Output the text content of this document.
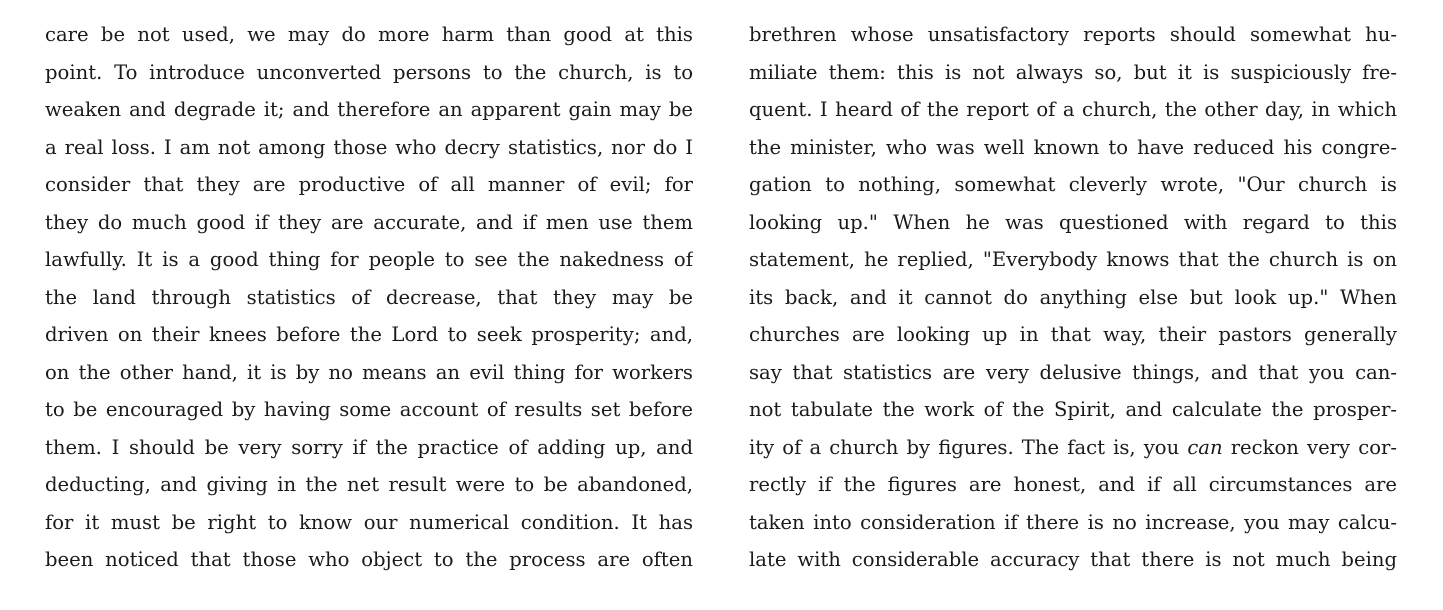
care be not used, we may do more harm than good at this
point. To introduce unconverted persons to the church, is to
weaken and degrade it; and therefore an apparent gain may be
a real loss. I am not among those who decry statistics, nor do I
consider that they are productive of all manner of evil; for
they do much good if they are accurate, and if men use them
lawfully. It is a good thing for people to see the nakedness of
the land through statistics of decrease, that they may be
driven on their knees before the Lord to seek prosperity; and,
on the other hand, it is by no means an evil thing for workers
to be encouraged by having some account of results set before
them. I should be very sorry if the practice of adding up, and
deducting, and giving in the net result were to be abandoned,
for it must be right to know our numerical condition. It has
been noticed that those who object to the process are often
brethren whose unsatisfactory reports should somewhat hu-
miliate them: this is not always so, but it is suspiciously fre-
quent. I heard of the report of a church, the other day, in which
the minister, who was well known to have reduced his congre-
gation to nothing, somewhat cleverly wrote, "Our church is
looking up." When he was questioned with regard to this
statement, he replied, "Everybody knows that the church is on
its back, and it cannot do anything else but look up." When
churches are looking up in that way, their pastors generally
say that statistics are very delusive things, and that you can-
not tabulate the work of the Spirit, and calculate the prosper-
ity of a church by figures. The fact is, you can reckon very cor-
rectly if the figures are honest, and if all circumstances are
taken into consideration if there is no increase, you may calcu-
late with considerable accuracy that there is not much being
